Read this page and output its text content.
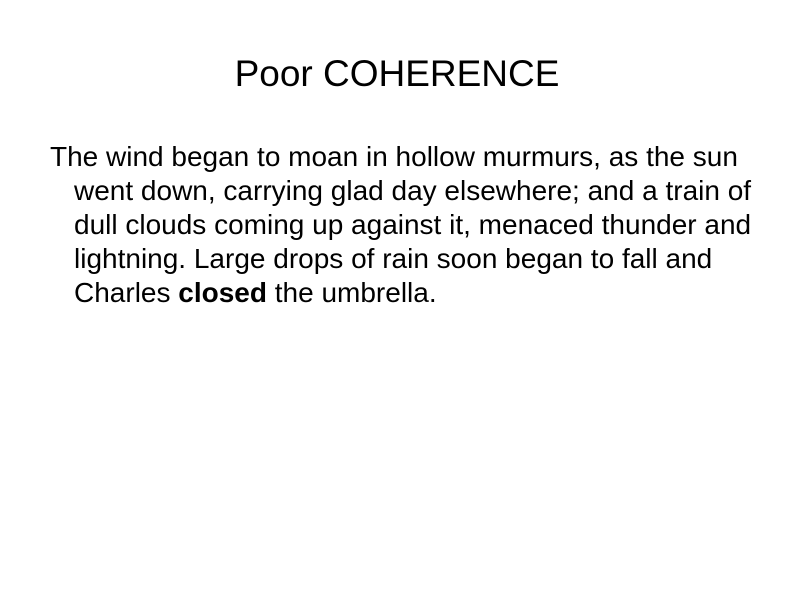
Poor COHERENCE

The wind began to moan in hollow murmurs, as the sun went down, carrying glad day elsewhere; and a train of dull clouds coming up against it, menaced thunder and lightning. Large drops of rain soon began to fall and Charles closed the umbrella.
